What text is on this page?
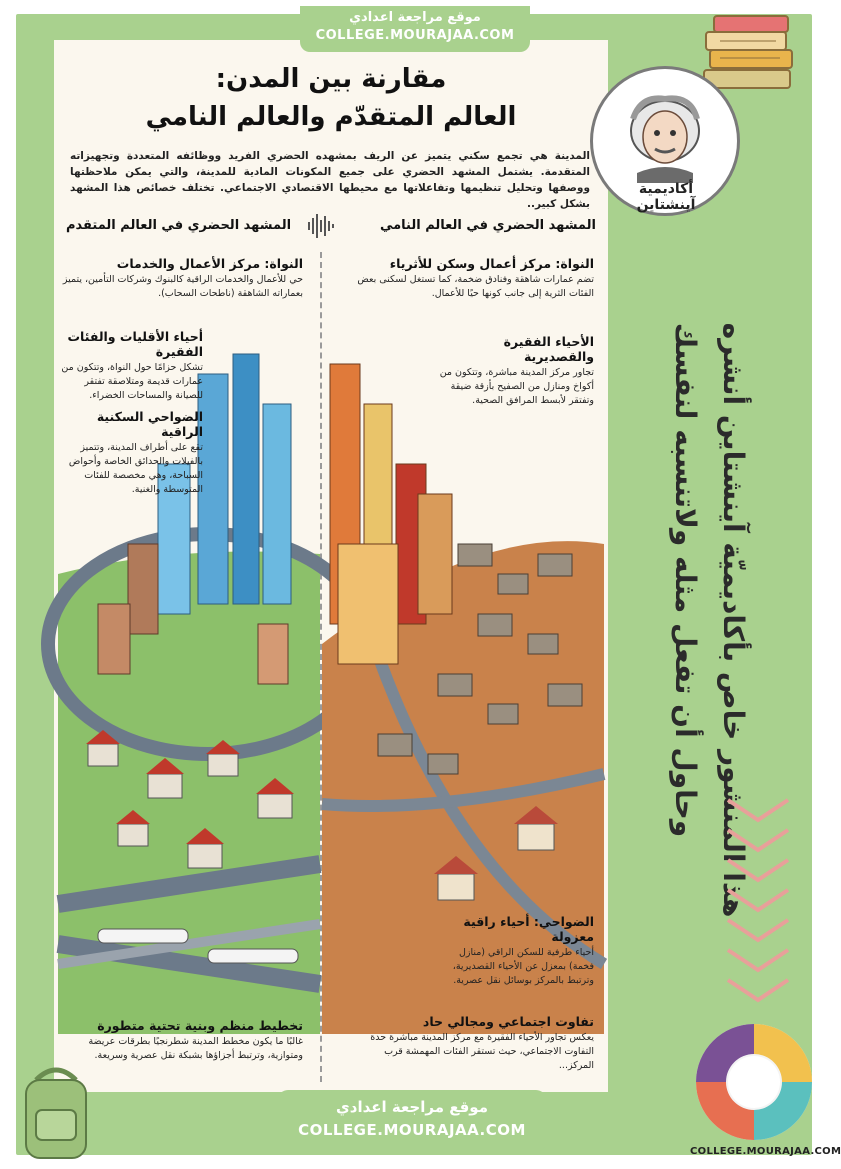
موقع مراجعة اعدادي
COLLEGE.MOURAJAA.COM
أكاديمية آينشتاين
مقارنة بين المدن:
العالم المتقدّم والعالم النامي
المدينة هي تجمع سكني يتميز عن الريف بمشهده الحضري الفريد ووظائفه المتعددة وتجهيزاته المتقدمة. يشتمل المشهد الحضري على جميع المكونات المادية للمدينة، والتي يمكن ملاحظتها ووصفها وتحليل تنظيمها وتفاعلاتها مع محيطها الاقتصادي الاجتماعي. تختلف خصائص هذا المشهد بشكل كبير..
المشهد الحضري في العالم النامي
المشهد الحضري في العالم المتقدم
النواة: مركز أعمال وسكن للأثرياء

تضم عمارات شاهقة وفنادق ضخمة، كما تستغل لسكنى بعض الفئات الثرية إلى جانب كونها حيًا للأعمال.

الأحياء الفقيرة والقصديرية

تجاور مركز المدينة مباشرة، وتتكون من أكواخ ومنازل من الصفيح بأزقة ضيقة وتفتقر لأبسط المرافق الصحية.

الضواحي: أحياء راقية معزولة

أحياء طرفية للسكن الراقي (منازل فخمة) بمعزل عن الأحياء القصديرية، وترتبط بالمركز بوسائل نقل عصرية.

تفاوت اجتماعي ومجالي حاد

يعكس تجاور الأحياء الفقيرة مع مركز المدينة مباشرة حدة التفاوت الاجتماعي، حيث تستقر الفئات المهمشة قرب المركز...

النواة: مركز الأعمال والخدمات

حي للأعمال والخدمات الراقية كالبنوك وشركات التأمين، يتميز بعماراته الشاهقة (ناطحات السحاب).

أحياء الأقليات والفئات الفقيرة

تشكل حزامًا حول النواة، وتتكون من عمارات قديمة ومتلاصقة تفتقر للصيانة والمساحات الخضراء.

الضواحي السكنية الراقية

تقع على أطراف المدينة، وتتميز بالفيلات والحدائق الخاصة وأحواض السباحة، وهي مخصصة للفئات المتوسطة والغنية.

تخطيط منظم وبنية تحتية متطورة

غالبًا ما يكون مخطط المدينة شطرنجيًا بطرقات عريضة ومتوازية، وترتبط أجزاؤها بشبكة نقل عصرية وسريعة.

هذا المنشور خاص بأكاديميّة آينشتاين أنشره
وحاول أن تفعل مثله ولاتنسبه لنفسك
COLLEGE.MOURAJAA.COM
موقع مراجعة اعدادي
COLLEGE.MOURAJAA.COM
